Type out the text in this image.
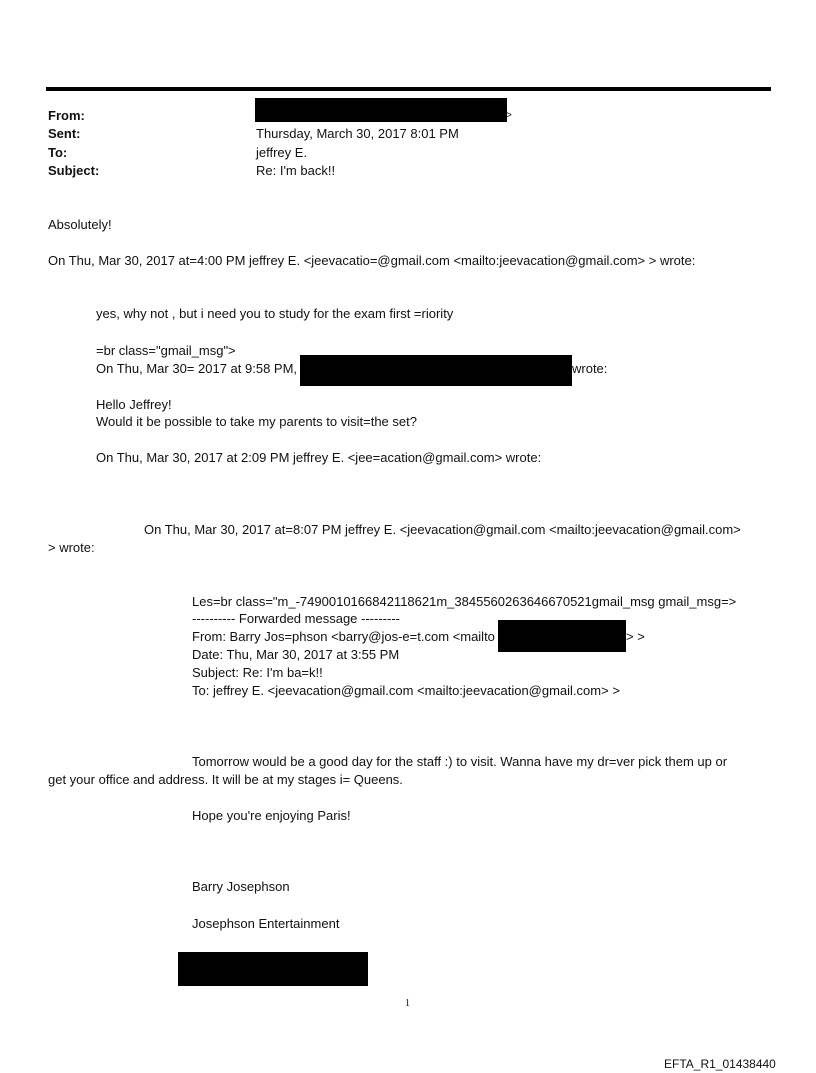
From:	>
Sent:	Thursday, March 30, 2017 8:01 PM
To:	jeffrey E.
Subject:	Re: I'm back!!
Absolutely!
On Thu, Mar 30, 2017 at=4:00 PM jeffrey E. <jeevacatio=@gmail.com <mailto:jeevacation@gmail.com> > wrote:
yes, why not , but i need you to study for the exam first =riority
=br class="gmail_msg">
On Thu, Mar 30= 2017 at 9:58 PM,	wrote:
Hello Jeffrey!
Would it be possible to take my parents to visit=the set?
On Thu, Mar 30, 2017 at 2:09 PM jeffrey E. <jee=acation@gmail.com> wrote:
On Thu, Mar 30, 2017 at=8:07 PM jeffrey E. <jeevacation@gmail.com <mailto:jeevacation@gmail.com>
> wrote:
Les=br class="m_-7490010166842118621m_3845560263646670521gmail_msg gmail_msg=>
---------- Forwarded message ---------
From: Barry Jos=phson <barry@jos-e=t.com <mailto	> >
Date: Thu, Mar 30, 2017 at 3:55 PM
Subject: Re: I'm ba=k!!
To: jeffrey E. <jeevacation@gmail.com <mailto:jeevacation@gmail.com> >
Tomorrow would be a good day for the staff :) to visit. Wanna have my dr=ver pick them up or
get your office and address. It will be at my stages i= Queens.
Hope you're enjoying Paris!
Barry Josephson
Josephson Entertainment
1
EFTA_R1_01438440
